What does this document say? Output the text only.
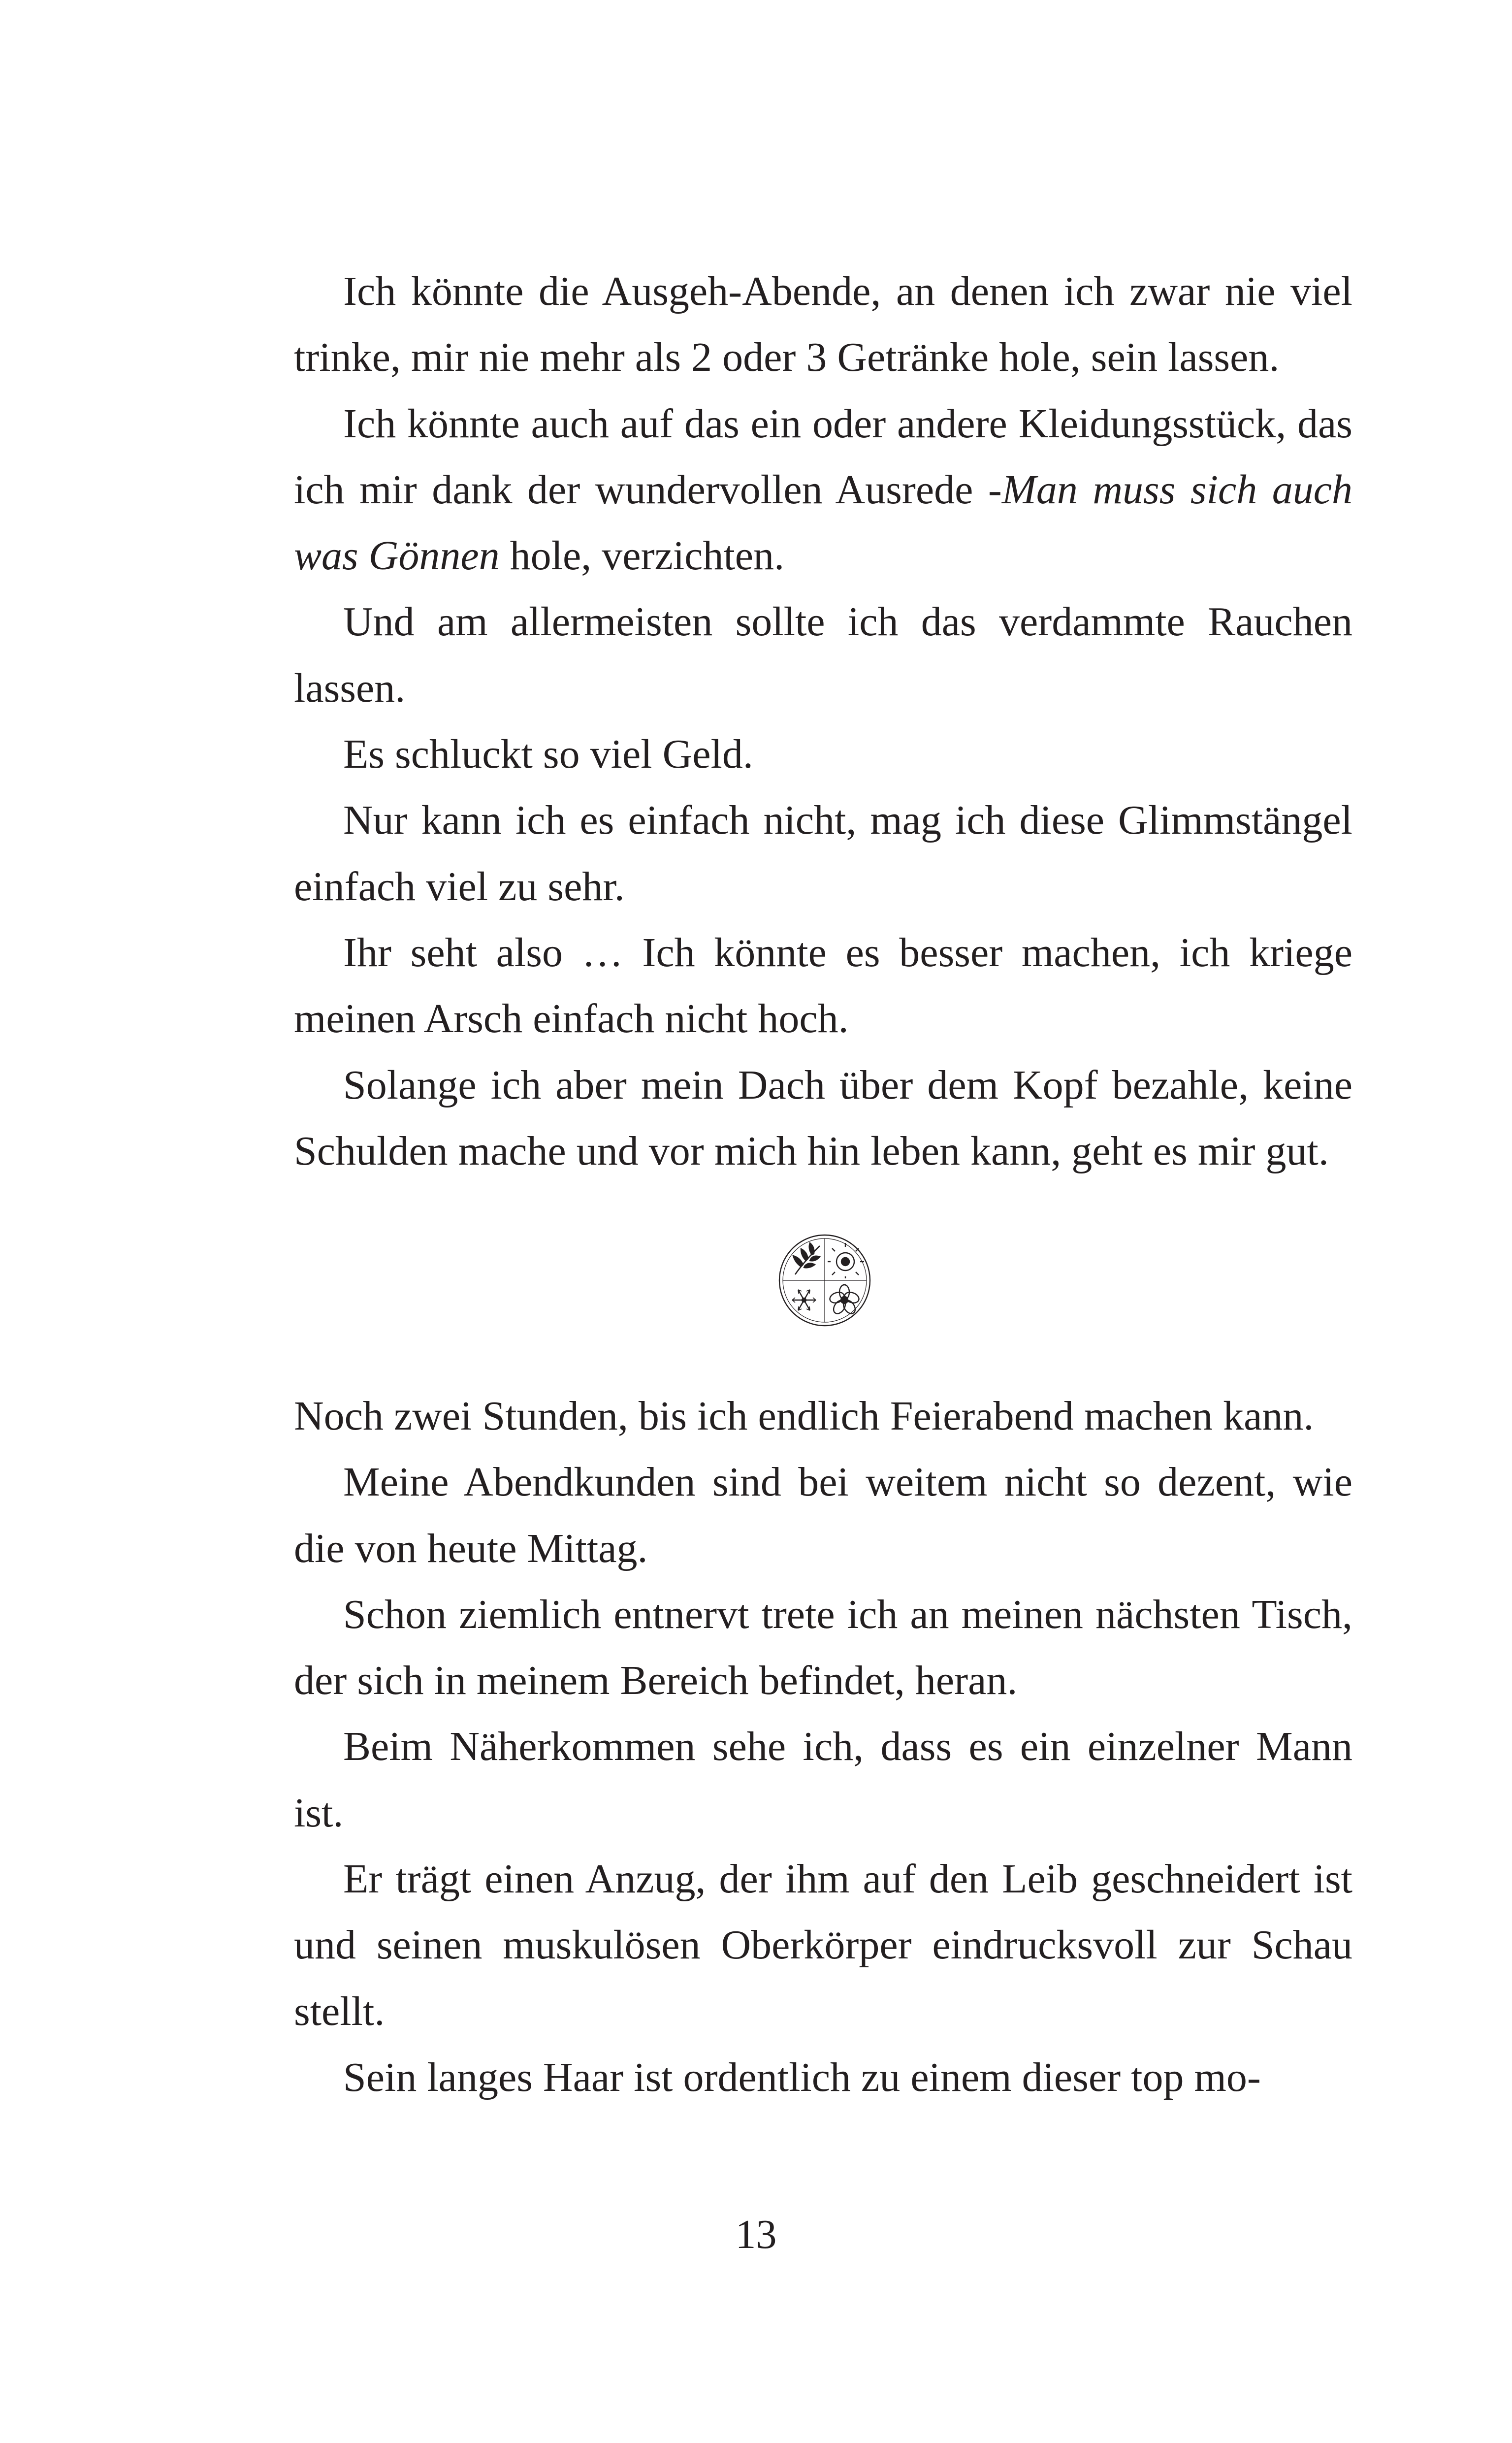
Ich könnte die Ausgeh-Abende, an denen ich zwar nie viel trinke, mir nie mehr als 2 oder 3 Getränke hole, sein lassen.

Ich könnte auch auf das ein oder andere Kleidungsstück, das ich mir dank der wundervollen Ausrede -Man muss sich auch was Gönnen hole, verzichten.

Und am allermeisten sollte ich das verdammte Rauchen lassen.

Es schluckt so viel Geld.

Nur kann ich es einfach nicht, mag ich diese Glimmstängel einfach viel zu sehr.

Ihr seht also … Ich könnte es besser machen, ich kriege meinen Arsch einfach nicht hoch.

Solange ich aber mein Dach über dem Kopf bezahle, keine Schulden mache und vor mich hin leben kann, geht es mir gut.

Noch zwei Stunden, bis ich endlich Feierabend machen kann.

Meine Abendkunden sind bei weitem nicht so dezent, wie die von heute Mittag.

Schon ziemlich entnervt trete ich an meinen nächsten Tisch, der sich in meinem Bereich befindet, heran.

Beim Näherkommen sehe ich, dass es ein einzelner Mann ist.

Er trägt einen Anzug, der ihm auf den Leib geschneidert ist und seinen muskulösen Oberkörper eindrucksvoll zur Schau stellt.

Sein langes Haar ist ordentlich zu einem dieser top mo-

13
